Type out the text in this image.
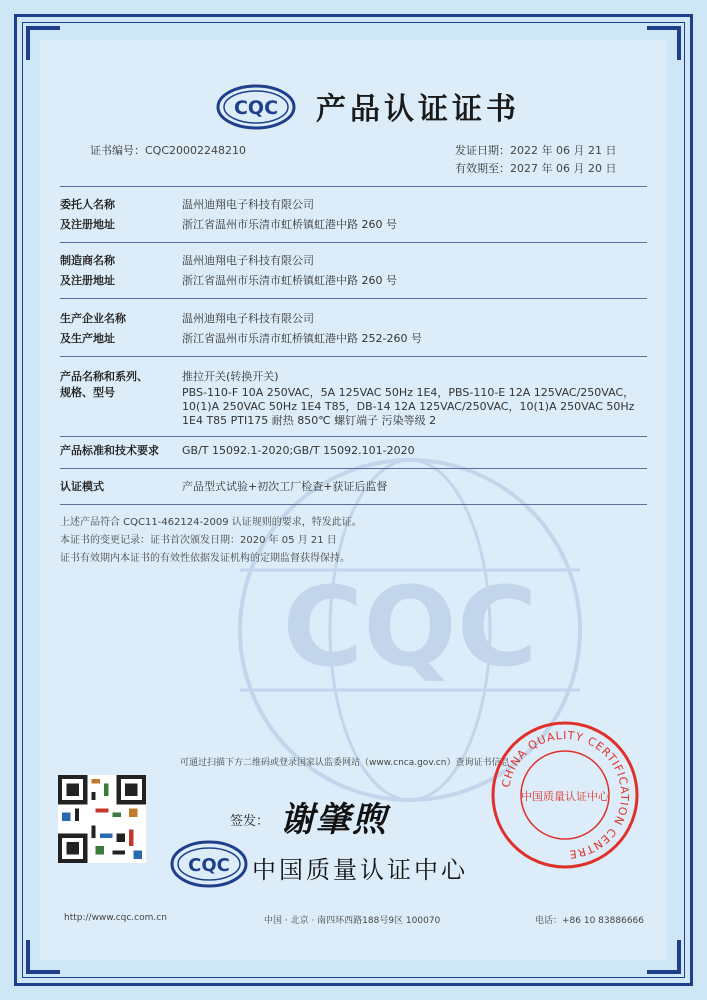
CQC
CQC 产品认证证书
证书编号：CQC20002248210	发证日期：2022 年 06 月 21 日
有效期至：2027 年 06 月 20 日
委托人名称	温州迪翔电子科技有限公司
及注册地址	浙江省温州市乐清市虹桥镇虹港中路 260 号
制造商名称	温州迪翔电子科技有限公司
及注册地址	浙江省温州市乐清市虹桥镇虹港中路 260 号
生产企业名称	温州迪翔电子科技有限公司
及生产地址	浙江省温州市乐清市虹桥镇虹港中路 252-260 号
产品名称和系列、	推拉开关(转换开关)
规格、型号	PBS-110-F 10A 250VAC，5A 125VAC 50Hz 1E4，PBS-110-E 12A 125VAC/250VAC，10(1)A 250VAC 50Hz 1E4 T85，DB-14 12A 125VAC/250VAC，10(1)A 250VAC 50Hz 1E4 T85 PTI175 耐热 850℃ 螺钉端子 污染等级 2
产品标准和技术要求	GB/T 15092.1-2020;GB/T 15092.101-2020
认证模式	产品型式试验+初次工厂检查+获证后监督
上述产品符合 CQC11-462124-2009 认证规则的要求，特发此证。
本证书的变更记录：证书首次颁发日期：2020 年 05 月 21 日
证书有效期内本证书的有效性依据发证机构的定期监督获得保持。
可通过扫描下方二维码或登录国家认监委网站（www.cnca.gov.cn）查询证书信息
签发： 谢肇煦
CQC 中国质量认证中心
CHINA QUALITY CERTIFICATION CENTRE
中国质量认证中心
http://www.cqc.com.cn	中国 · 北京 · 南四环西路188号9区 100070	电话：+86 10 83886666
